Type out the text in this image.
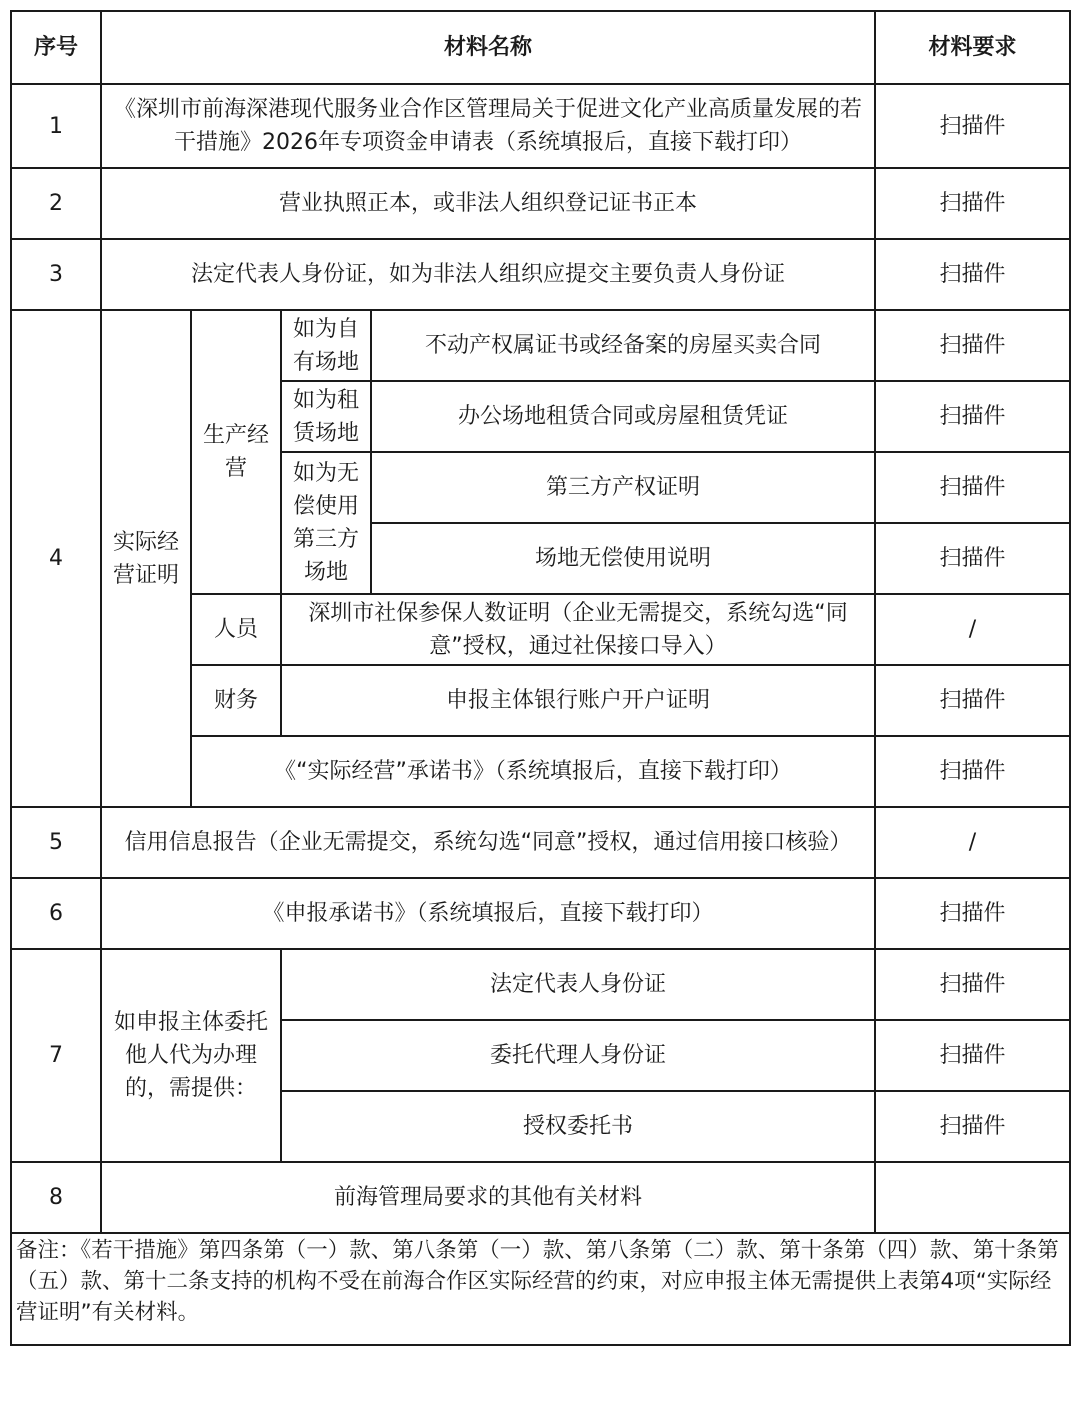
序号	材料名称				材料要求
1	《深圳市前海深港现代服务业合作区管理局关于促进文化产业高质量发展的若干措施》2026年专项资金申请表（系统填报后，直接下载打印）				扫描件
2	营业执照正本，或非法人组织登记证书正本				扫描件
3	法定代表人身份证，如为非法人组织应提交主要负责人身份证				扫描件
4	实际经营证明	生产经营	如为自有场地	不动产权属证书或经备案的房屋买卖合同	扫描件
			如为租赁场地	办公场地租赁合同或房屋租赁凭证	扫描件
			如为无偿使用第三方场地	第三方产权证明	扫描件
				场地无偿使用说明	扫描件
		人员	深圳市社保参保人数证明（企业无需提交，系统勾选“同意”授权，通过社保接口导入）		/
		财务	申报主体银行账户开户证明		扫描件
		《“实际经营”承诺书》（系统填报后，直接下载打印）			扫描件
5	信用信息报告（企业无需提交，系统勾选“同意”授权，通过信用接口核验）				/
6	《申报承诺书》（系统填报后，直接下载打印）				扫描件
7	如申报主体委托他人代为办理的，需提供：		法定代表人身份证		扫描件
			委托代理人身份证		扫描件
			授权委托书		扫描件
8	前海管理局要求的其他有关材料				
备注：《若干措施》第四条第（一）款、第八条第（一）款、第八条第（二）款、第十条第（四）款、第十条第（五）款、第十二条支持的机构不受在前海合作区实际经营的约束，对应申报主体无需提供上表第4项“实际经营证明”有关材料。					
